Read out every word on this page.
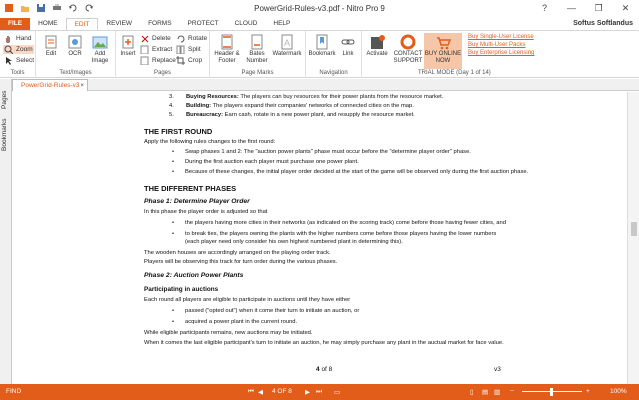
PowerGrid-Rules-v3.pdf - Nitro Pro 9	?	—	❐	✕
FILE	HOME	EDIT	REVIEW	FORMS	PROTECT	CLOUD	HELP	Softus Softlandus
Hand
Zoom
Select
Tools
Edit OCR	Add Image
Text/Images
Insert
Delete
Extract
Replace
Rotate
Split
Crop
Pages
Header & Footer
Bates Number
A
Watermark
Page Marks
Bookmark Link
Navigation
Activate CONTACT SUPPORT
BUY ONLINE NOW
Buy Single-User License
Buy Multi-User Packs
Buy Enterprise Licensing
TRIAL MODE (Day 1 of 14)
Pages
Bookmarks
PowerGrid-Rules-v3 ×
3. Buying Resources: The players can buy resources for their power plants from the resource market.
4. Building: The players expand their companies' networks of connected cities on the map.
5. Bureaucracy: Earn cash, rotate in a new power plant, and resupply the resource market.
THE FIRST ROUND
Apply the following rules changes to the first round:
• Swap phases 1 and 2: The "auction power plants" phase must occur before the "determine player order" phase.
• During the first auction each player must purchase one power plant.
• Because of these changes, the initial player order decided at the start of the game will be observed only during the first auction phase.
THE DIFFERENT PHASES
Phase 1: Determine Player Order
In this phase the player order is adjusted so that
• the players having more cities in their networks (as indicated on the scoring track) come before those having fewer cities, and
• to break ties, the players owning the plants with the higher numbers come before those players having the lower numbers
(each player need only consider his own highest numbered plant in determining this).
The wooden houses are accordingly arranged on the playing order track.
Players will be observing this track for turn order during the various phases.
Phase 2: Auction Power Plants
Participating in auctions
Each round all players are eligible to participate in auctions until they have either
• passed ("opted out") when it come their turn to initiate an auction, or
• acquired a power plant in the current round.
While eligible participants remains, new auctions may be initiated.
When it comes the last eligible participant's turn to initiate an auction, he may simply purchase any plant in the auctual market for face value.
4 of 8	v3
FIND	⏮ ◀ 4 OF 8 ▶ ⏭ ▭	▯ ▤ ▥ −	+	100%
